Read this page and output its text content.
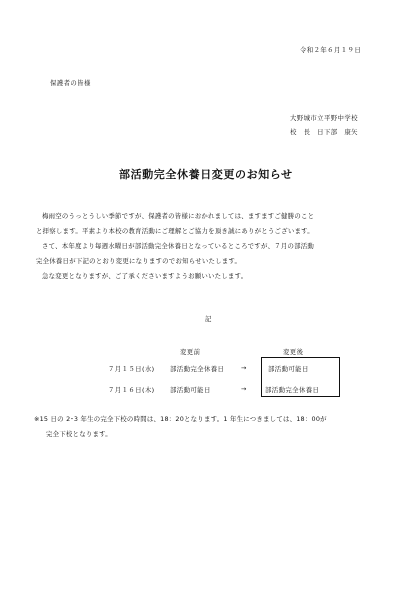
令和２年６月１９日
保護者の皆様
大野城市立平野中学校
校　長　日下部　康矢
部活動完全休養日変更のお知らせ
梅雨空のうっとうしい季節ですが、保護者の皆様におかれましては、ますますご健勝のこと
と拝察します。平素より本校の教育活動にご理解とご協力を頂き誠にありがとうございます。
さて、本年度より毎週水曜日が部活動完全休養日となっているところですが、７月の部活動
完全休養日が下記のとおり変更になりますのでお知らせいたします。
急な変更となりますが、ご了承くださいますようお願いいたします。
記
変更前	変更後
７月１５日(水) 部活動完全休養日	→	部活動可能日
７月１６日(木) 部活動可能日	→	部活動完全休養日
※15 日の 2･3 年生の完全下校の時間は、18：20となります。1 年生につきましては、18：00が
完全下校となります。
